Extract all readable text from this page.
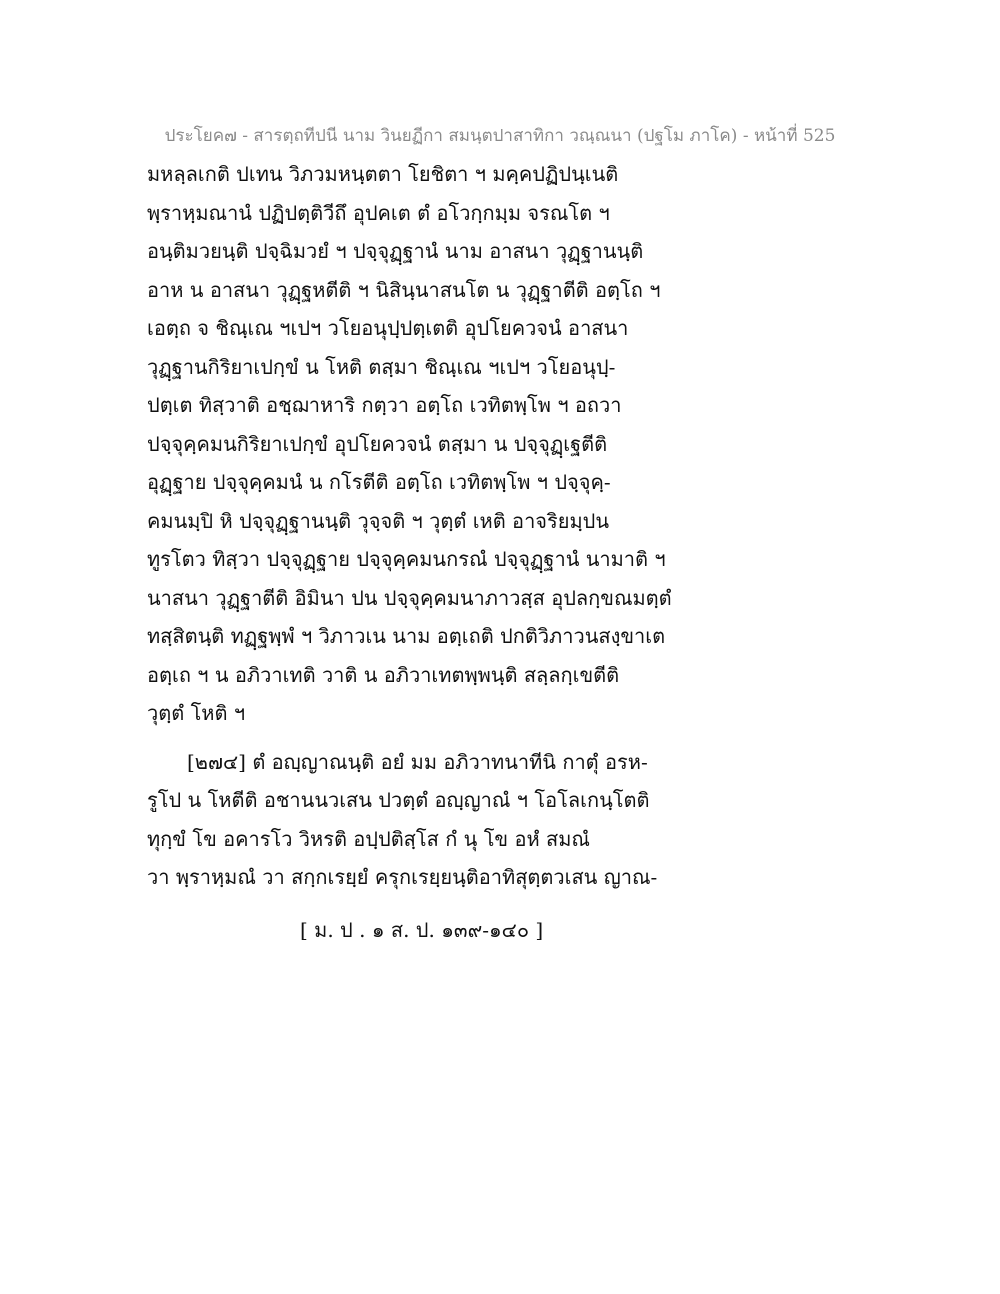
ประโยค๗ - สารตฺถทีปนี นาม วินยฏีกา สมนฺตปาสาทิกา วณฺณนา (ปฐโม ภาโค) - หน้าที่ 525
มหลฺลเกติ ปเทน วิภวมหนฺตตา โยชิตา ฯ มคฺคปฏิปนฺเนติ
พฺราหฺมณานํ ปฏิปตฺติวีถึ อุปคเต ตํ อโวกฺกมฺม จรณโต ฯ
อนฺติมวยนฺติ ปจฺฉิมวยํ ฯ ปจฺจุฏฺฐานํ นาม อาสนา วุฏฺฐานนฺติ
อาห น อาสนา วุฏฺฐหตีติ ฯ นิสินฺนาสนโต น วุฏฺฐาตีติ อตฺโถ ฯ
เอตฺถ จ ชิณฺเณ ฯเปฯ วโยอนุปฺปตฺเตติ อุปโยควจนํ อาสนา
วุฏฺฐานกิริยาเปกฺขํ น โหติ ตสฺมา ชิณฺเณ ฯเปฯ วโยอนุปฺ-
ปตฺเต ทิสฺวาติ อชฺฌาหาริ กตฺวา อตฺโถ เวทิตพฺโพ ฯ อถวา
ปจฺจุคฺคมนกิริยาเปกฺขํ อุปโยควจนํ ตสฺมา น ปจฺจุฏฺเฐตีติ
อุฏฺฐาย ปจฺจุคฺคมนํ น กโรตีติ อตฺโถ เวทิตพฺโพ ฯ ปจฺจุคฺ-
คมนมฺปิ หิ ปจฺจุฏฺฐานนฺติ วุจฺจติ ฯ วุตฺตํ เหติ อาจริยมฺปน
ทูรโตว ทิสฺวา ปจฺจุฏฺฐาย ปจฺจุคฺคมนกรณํ ปจฺจุฏฺฐานํ นามาติ ฯ
นาสนา วุฏฺฐาตีติ อิมินา ปน ปจฺจุคฺคมนาภาวสฺส อุปลกฺขณมตฺตํ
ทสฺสิตนฺติ ทฏฺฐพฺพํ ฯ วิภาวเน นาม อตฺเถติ ปกติวิภาวนสงฺขาเต
อตฺเถ ฯ น อภิวาเทติ วาติ น อภิวาเทตพฺพนฺติ สลฺลกฺเขตีติ
วุตฺตํ โหติ ฯ
[๒๗๔] ตํ อญฺญาณนฺติ อยํ มม อภิวาทนาทีนิ กาตุํ อรห-
รูโป น โหตีติ อชานนวเสน ปวตฺตํ อญฺญาณํ ฯ โอโลเกนฺโตติ
ทุกฺขํ โข อคารโว วิหรติ อปฺปติสฺโส กํ นุ โข อหํ สมณํ
วา พฺราหฺมณํ วา สกฺกเรยฺยํ ครุกเรยฺยนฺติอาทิสุตฺตวเสน ญาณ-
[ ม. ป . ๑ ส. ป. ๑๓๙-๑๔๐ ]
